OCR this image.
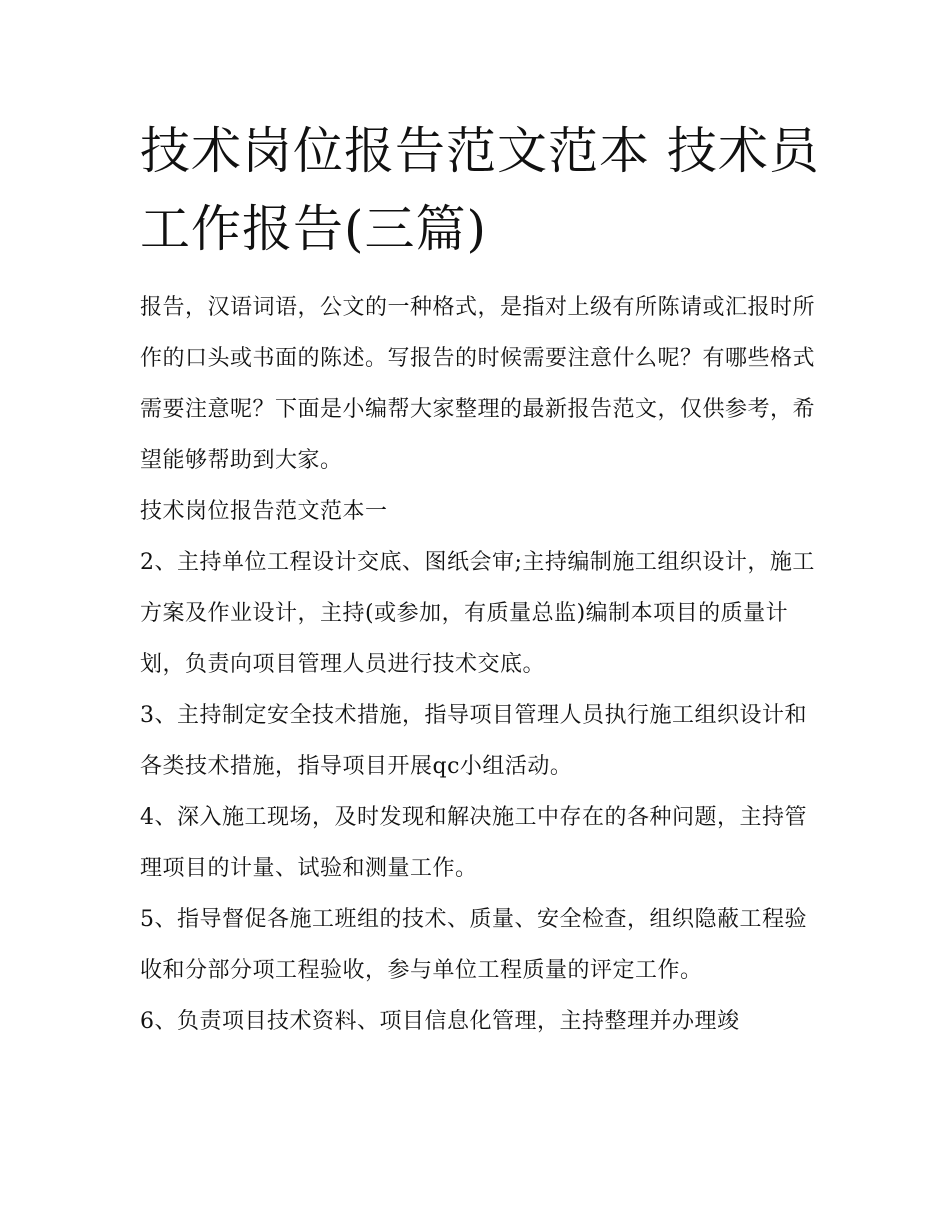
技术岗位报告范文范本 技术员工作报告(三篇)

报告，汉语词语，公文的一种格式，是指对上级有所陈请或汇报时所作的口头或书面的陈述。写报告的时候需要注意什么呢？有哪些格式需要注意呢？下面是小编帮大家整理的最新报告范文，仅供参考，希望能够帮助到大家。

技术岗位报告范文范本一

2、主持单位工程设计交底、图纸会审;主持编制施工组织设计，施工方案及作业设计，主持(或参加，有质量总监)编制本项目的质量计划，负责向项目管理人员进行技术交底。

3、主持制定安全技术措施，指导项目管理人员执行施工组织设计和各类技术措施，指导项目开展qc小组活动。

4、深入施工现场，及时发现和解决施工中存在的各种问题，主持管理项目的计量、试验和测量工作。

5、指导督促各施工班组的技术、质量、安全检查，组织隐蔽工程验收和分部分项工程验收，参与单位工程质量的评定工作。

6、负责项目技术资料、项目信息化管理，主持整理并办理竣
